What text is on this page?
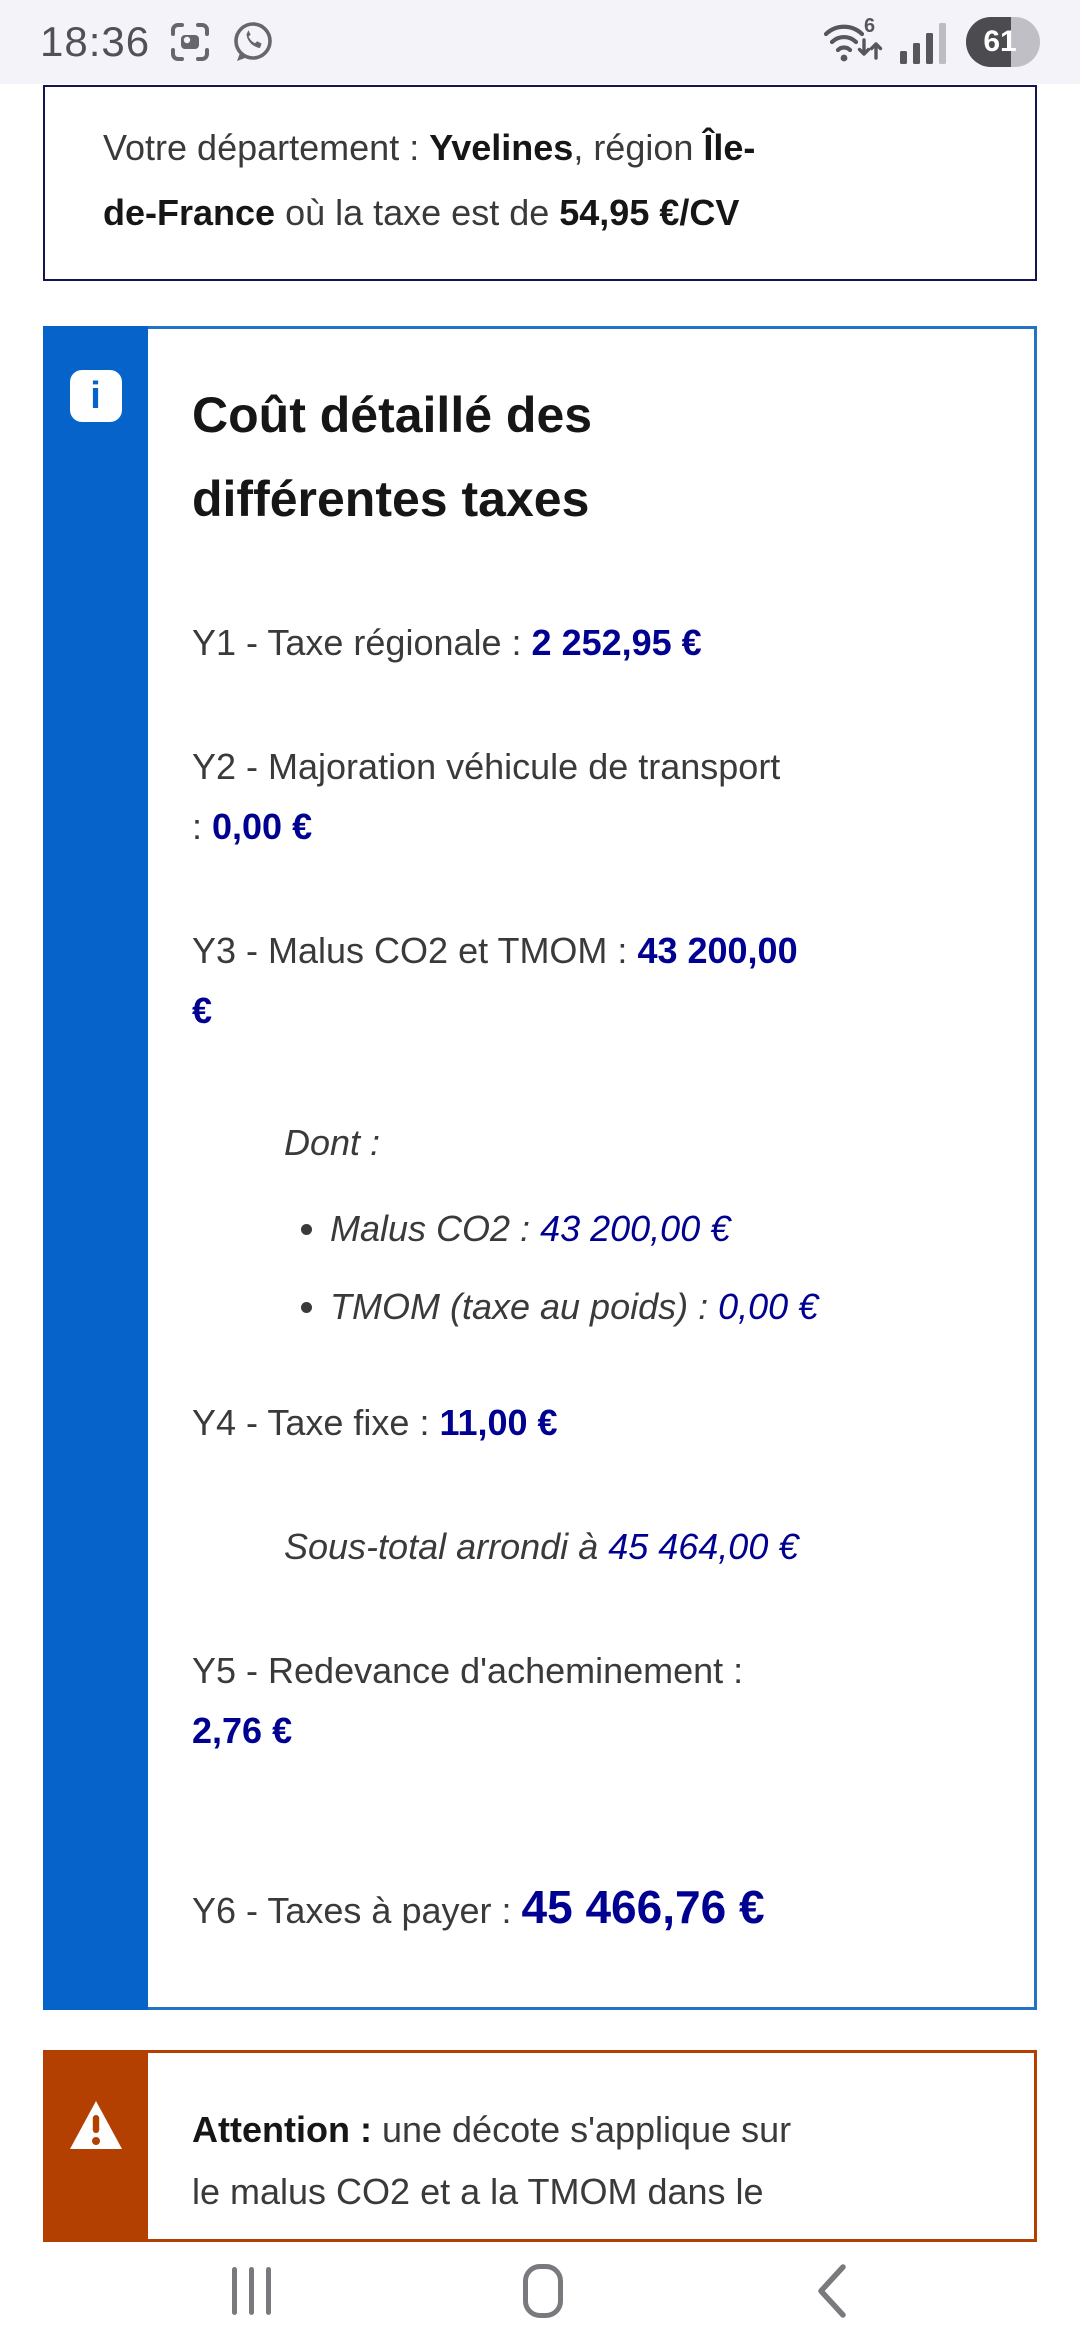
18:36	6	61

Votre département : Yvelines, région Île-
de-France où la taxe est de 54,95 €/CV

i Coût détaillé des différentes taxes

Y1 - Taxe régionale : 2 252,95 €

Y2 - Majoration véhicule de transport
: 0,00 €

Y3 - Malus CO2 et TMOM : 43 200,00
€

Dont :

• Malus CO2 : 43 200,00 €
• TMOM (taxe au poids) : 0,00 €

Y4 - Taxe fixe : 11,00 €

Sous-total arrondi à 45 464,00 €

Y5 - Redevance d'acheminement :
2,76 €

Y6 - Taxes à payer : 45 466,76 €

Attention : une décote s'applique sur
le malus CO2 et a la TMOM dans le
